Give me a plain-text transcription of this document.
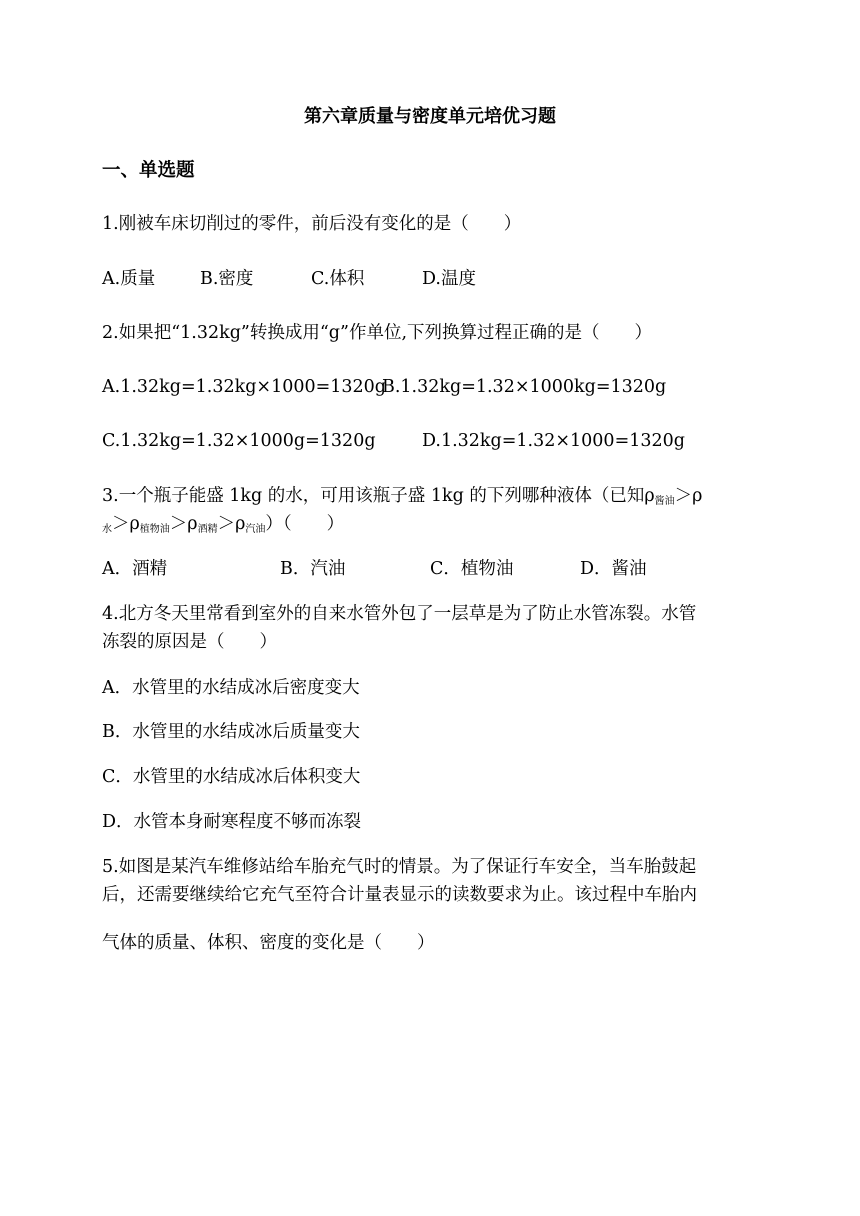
第六章质量与密度单元培优习题
一、单选题
1.刚被车床切削过的零件，前后没有变化的是（　　）
A.质量	B.密度	C.体积	D.温度
2.如果把“1.32kg”转换成用“g”作单位,下列换算过程正确的是（　　）
A.1.32kg=1.32kg×1000=1320g
B.1.32kg=1.32×1000kg=1320g
C.1.32kg=1.32×1000g=1320g	D.1.32kg=1.32×1000=1320g
3.一个瓶子能盛 1kg 的水，可用该瓶子盛 1kg 的下列哪种液体（已知$\rho_{酱油}>\rho$
$_水>\rho_{植物油}>\rho_{酒精}>\rho_{汽油}$）（　　）
A．酒精	B．汽油	C．植物油	D．酱油
4.北方冬天里常看到室外的自来水管外包了一层草是为了防止水管冻裂。水管
冻裂的原因是（　　）
A．水管里的水结成冰后密度变大
B．水管里的水结成冰后质量变大
C．水管里的水结成冰后体积变大
D．水管本身耐寒程度不够而冻裂
5.如图是某汽车维修站给车胎充气时的情景。为了保证行车安全，当车胎鼓起
后，还需要继续给它充气至符合计量表显示的读数要求为止。该过程中车胎内
气体的质量、体积、密度的变化是（　　）
